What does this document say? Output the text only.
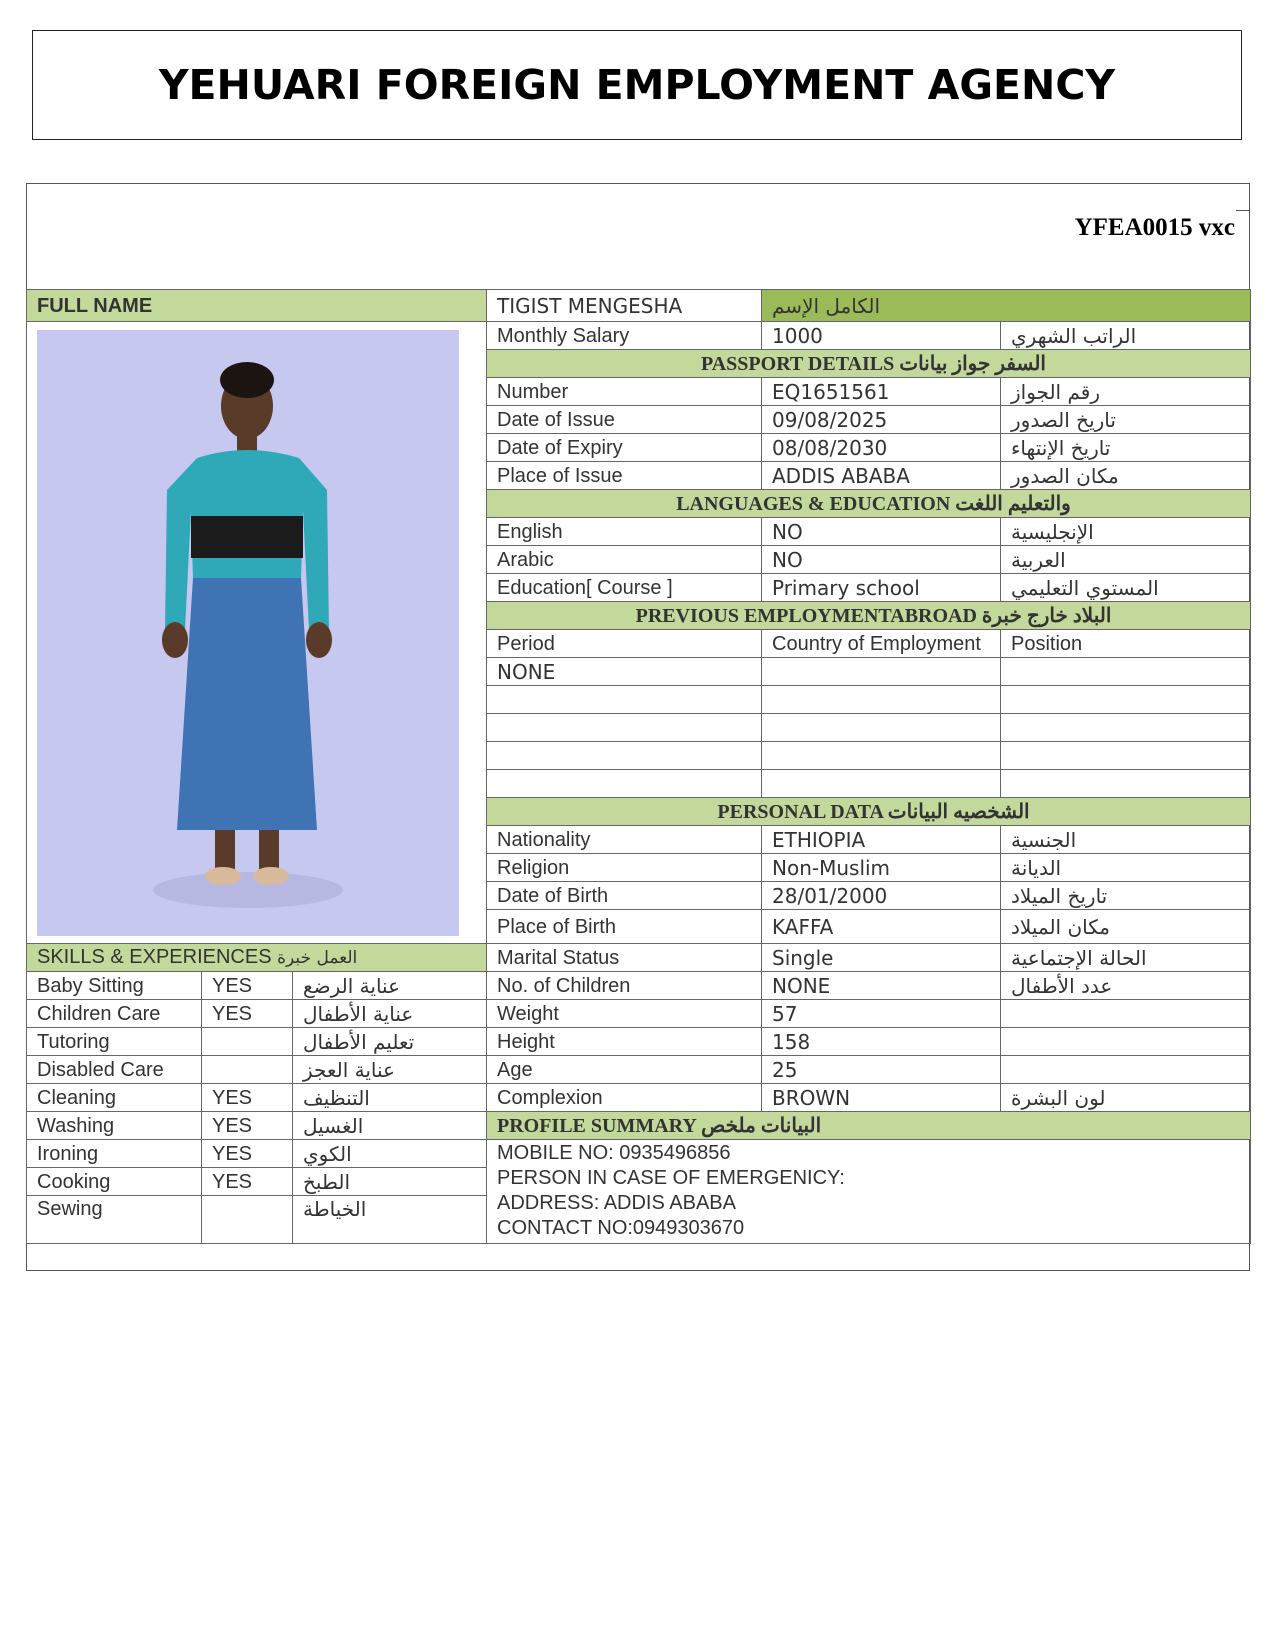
YEHUARI FOREIGN EMPLOYMENT AGENCY
YFEA0015 vxc
FULL NAME			TIGIST MENGESHA	الكامل الإسم	

	Monthly Salary	1000	الراتب الشهري
			PASSPORT DETAILS السفر جواز بيانات		
			Number	EQ1651561	رقم الجواز
			Date of Issue	09/08/2025	تاريخ الصدور
			Date of Expiry	08/08/2030	تاريخ الإنتهاء
			Place of Issue	ADDIS ABABA	مكان الصدور
			LANGUAGES & EDUCATION والتعليم اللغت		
			English	NO	الإنجليسية
			Arabic	NO	العربية
			Education[ Course ]	Primary school	المستوي التعليمي
			PREVIOUS EMPLOYMENTABROAD البلاد خارج خبرة		
			Period	Country of Employment	Position
			NONE		

			PERSONAL DATA الشخصيه البيانات		
			Nationality	ETHIOPIA	الجنسية
			Religion	Non-Muslim	الديانة
			Date of Birth	28/01/2000	تاريخ الميلاد
			Place of Birth	KAFFA	مكان الميلاد
SKILLS & EXPERIENCES العمل خبرة			Marital Status	Single	الحالة الإجتماعية
Baby Sitting	YES	عناية الرضع	No. of Children	NONE	عدد الأطفال
Children Care	YES	عناية الأطفال	Weight	57	
Tutoring		تعليم الأطفال	Height	158	
Disabled Care		عناية العجز	Age	25	
Cleaning	YES	التنظيف	Complexion	BROWN	لون البشرة
Washing	YES	الغسيل	PROFILE SUMMARY البيانات ملخص		
Ironing	YES	الكوي	MOBILE NO: 0935496856
PERSON IN CASE OF EMERGENICY:
ADDRESS: ADDIS ABABA
CONTACT NO:0949303670		

Cooking	YES	الطبخ			
Sewing		الخياطة			
